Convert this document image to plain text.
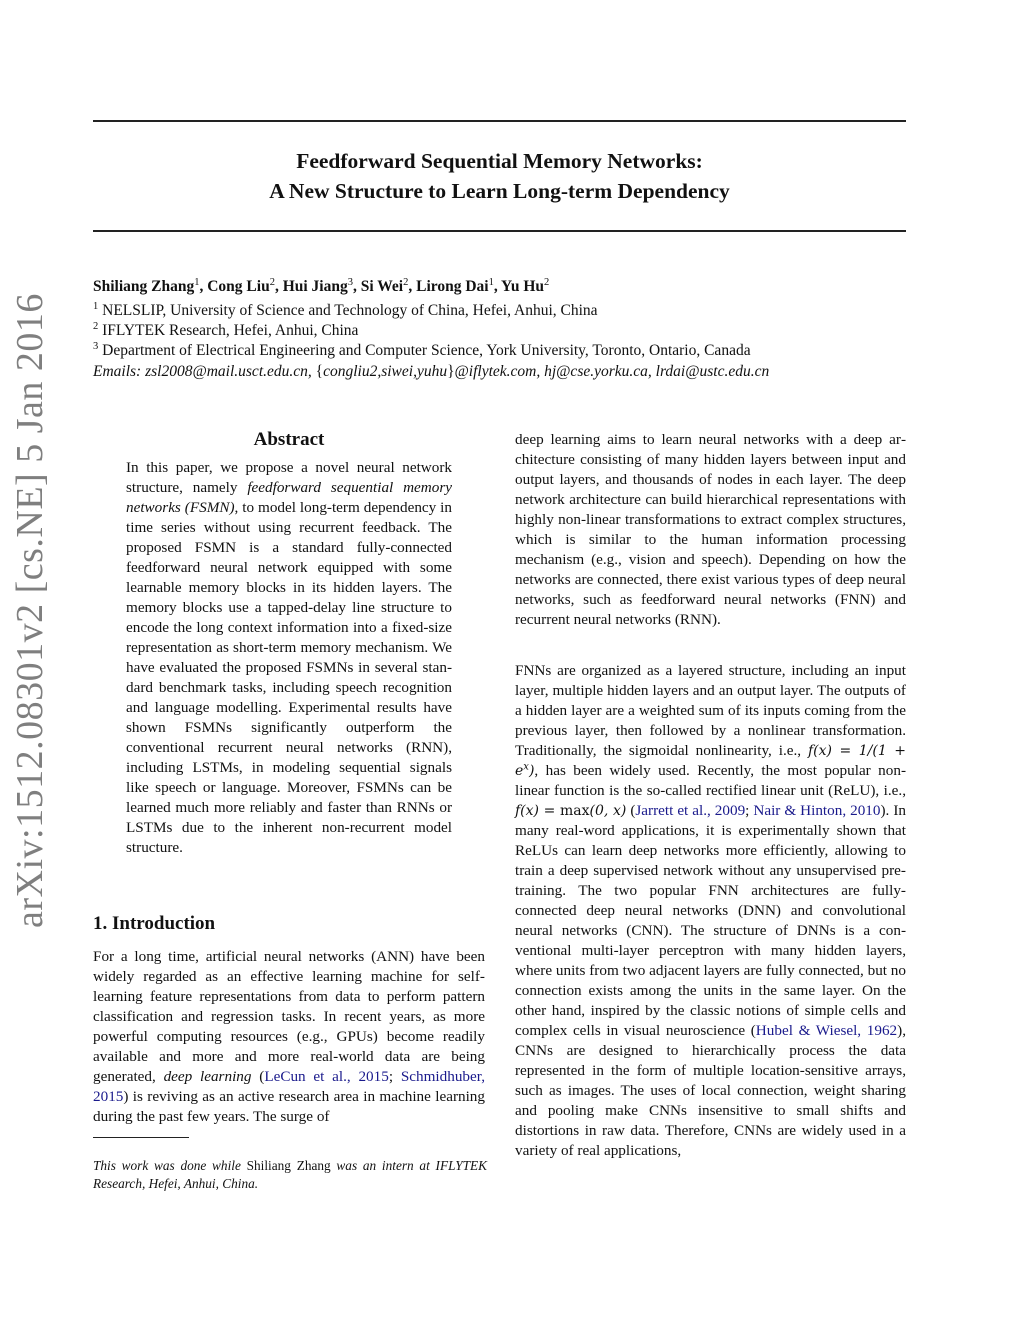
arXiv:1512.08301v2 [cs.NE] 5 Jan 2016
Feedforward Sequential Memory Networks:
A New Structure to Learn Long-term Dependency
Shiliang Zhang$^1$, Cong Liu$^2$, Hui Jiang$^3$, Si Wei$^2$, Lirong Dai$^1$, Yu Hu$^2$
$^1$ NELSLIP, University of Science and Technology of China, Hefei, Anhui, China
$^2$ IFLYTEK Research, Hefei, Anhui, China
$^3$ Department of Electrical Engineering and Computer Science, York University, Toronto, Ontario, Canada
Emails: zsl2008@mail.usct.edu.cn, {congliu2,siwei,yuhu}@iflytek.com, hj@cse.yorku.ca, lrdai@ustc.edu.cn
Abstract

In this paper, we propose a novel neural network structure, namely feedforward sequential memory networks (FSMN), to model long-term dependency in time series without using recurrent feedback. The proposed FSMN is a standard fully-connected feedforward neural network equipped with some learnable memory blocks in its hidden layers. The memory blocks use a tapped-delay line structure to encode the long context information into a fixed-size representation as short-term memory mechanism. We have evaluated the proposed FSMNs in several standard benchmark tasks, including speech recognition and language modelling. Experimental results have shown FSMNs significantly outperform the conventional recurrent neural networks (RNN), including LSTMs, in modeling sequential signals like speech or language. Moreover, FSMNs can be learned much more reliably and faster than RNNs or LSTMs due to the inherent non-recurrent model structure.

1. Introduction

For a long time, artificial neural networks (ANN) have been widely regarded as an effective learning machine for self-learning feature representations from data to perform pattern classification and regression tasks. In recent years, as more powerful computing resources (e.g., GPUs) become readily available and more and more real-world data are being generated, deep learning (LeCun et al., 2015; Schmidhuber, 2015) is reviving as an active research area in machine learning during the past few years. The surge of

This work was done while Shiliang Zhang was an intern at IFLYTEK Research, Hefei, Anhui, China.

deep learning aims to learn neural networks with a deep architecture consisting of many hidden layers between input and output layers, and thousands of nodes in each layer. The deep network architecture can build hierarchical representations with highly non-linear transformations to extract complex structures, which is similar to the human information processing mechanism (e.g., vision and speech). Depending on how the networks are connected, there exist various types of deep neural networks, such as feedforward neural networks (FNN) and recurrent neural networks (RNN).

FNNs are organized as a layered structure, including an input layer, multiple hidden layers and an output layer. The outputs of a hidden layer are a weighted sum of its inputs coming from the previous layer, then followed by a nonlinear transformation. Traditionally, the sigmoidal nonlinearity, i.e., $f(x) = 1/(1 + e^x)$, has been widely used. Recently, the most popular non-linear function is the so-called rectified linear unit (ReLU), i.e., f(x) = max(0, x) (Jarrett et al., 2009; Nair & Hinton, 2010). In many real-word applications, it is experimentally shown that ReLUs can learn deep networks more efficiently, allowing to train a deep supervised network without any unsupervised pre-training. The two popular FNN architectures are fully-connected deep neural networks (DNN) and convolutional neural networks (CNN). The structure of DNNs is a conventional multi-layer perceptron with many hidden layers, where units from two adjacent layers are fully connected, but no connection exists among the units in the same layer. On the other hand, inspired by the classic notions of simple cells and complex cells in visual neuroscience (Hubel & Wiesel, 1962), CNNs are designed to hierarchically process the data represented in the form of multiple location-sensitive arrays, such as images. The uses of local connection, weight sharing and pooling make CNNs insensitive to small shifts and distortions in raw data. Therefore, CNNs are widely used in a variety of real applications,
